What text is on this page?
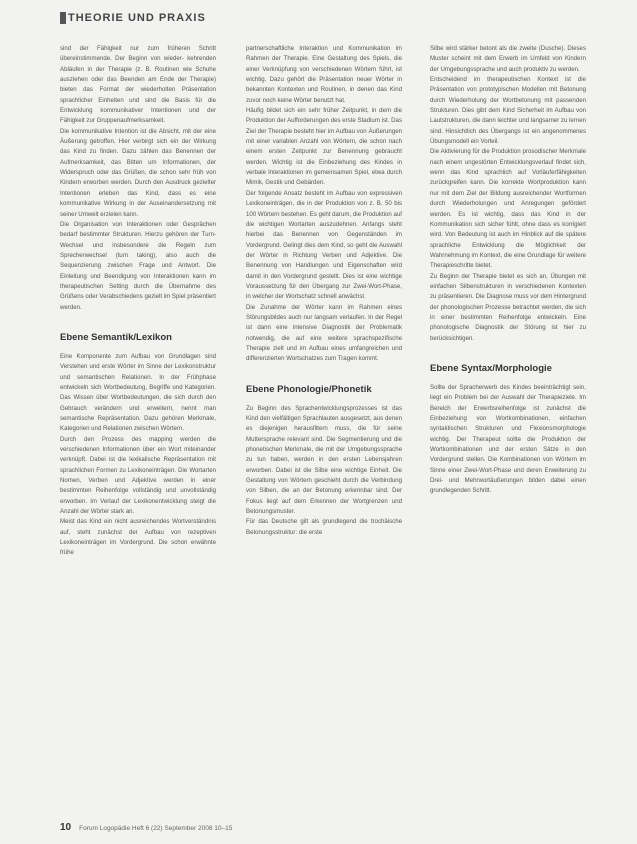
THEORIE UND PRAXIS

sind der Fähigkeit nur zum früheren Schritt übereinstimmende. Der Beginn von wieder- kehrenden Abläufen in der Therapie (z. B. Routinen wie Schuhe ausziehen oder das Beenden am Ende der Therapie) bieten das Format der wiederholten Präsentation sprachlicher Einheiten und sind die Basis für die Entwicklung kommunikativer Intentionen und der Fähigkeit zur Gruppenaufmerksamkeit.

Die kommunikative Intention ist die Absicht, mit der eine Äußerung getroffen. Hier verbirgt sich ein der Wirkung das Kind zu finden. Dazu zählen das Benennen der Aufmerksamkeit, das Bitten um Informationen, der Widerspruch oder das Grüßen, die schon sehr früh von Kindern erworben werden. Durch den Ausdruck gezielter Intentionen erleben das Kind, dass es eine kommunikative Wirkung in der Auseinandersetzung mit seiner Umwelt erzielen kann.

Die Organisation von Interaktionen oder Gesprächen bedarf bestimmter Strukturen. Hierzu gehören der Turn-Wechsel und insbesondere die Regeln zum Sprecherwechsel (turn taking), also auch die Sequenzierung zwischen Frage und Antwort. Die Einleitung und Beendigung von Interaktionen kann im therapeutischen Setting durch die Übernahme des Grüßens oder Verabschiedens gezielt im Spiel präsentiert werden.

Ebene Semantik/Lexikon

Eine Komponente zum Aufbau von Grundlagen sind Verstehen und erste Wörter im Sinne der Lexikonstruktur und semantischen Relationen. In der Frühphase entwickeln sich Wortbedeutung, Begriffe und Kategorien. Das Wissen über Wortbedeutungen, die sich durch den Gebrauch verändern und erweitern, nennt man semantische Repräsentation. Dazu gehören Merkmale, Kategorien und Relationen zwischen Wörtern.

Durch den Prozess des mapping werden die verschiedenen Informationen über ein Wort miteinander verknüpft. Dabei ist die lexikalische Repräsentation mit sprachlichen Formen zu Lexikoneinträgen. Die Wortarten Nomen, Verben und Adjektive werden in einer bestimmten Reihenfolge vollständig und unvollständig erworben. Im Verlauf der Lexikonentwicklung steigt die Anzahl der Wörter stark an.

Meist das Kind ein nicht ausreichendes Wortverständnis auf, steht zunächst der Aufbau von rezeptiven Lexikoneinträgen im Vordergrund. Die schon erwähnte frühe

partnerschaftliche Interaktion und Kommunikation im Rahmen der Therapie. Eine Gestaltung des Spiels, die einer Verknüpfung von verschiedenen Wörtern führt, ist wichtig. Dazu gehört die Präsentation neuer Wörter in bekannten Kontexten und Routinen, in denen das Kind zuvor noch keine Wörter benutzt hat.

Häufig bildet sich ein sehr früher Zeitpunkt, in dem die Produktion der Aufforderungen des erste Stadium ist. Das Ziel der Therapie besteht hier im Aufbau von Äußerungen mit einer variablen Anzahl von Wörtern, die schon nach einem ersten Zeitpunkt zur Benennung gebraucht werden. Wichtig ist die Einbeziehung des Kindes in verbale Interaktionen im gemeinsamen Spiel, etwa durch Mimik, Gestik und Gebärden.

Der folgende Ansatz besteht im Aufbau von expressiven Lexikoneinträgen, die in der Produktion von z. B. 50 bis 100 Wörtern bestehen. Es geht darum, die Produktion auf die wichtigen Wortarten auszudehnen. Anfangs steht hierbei das Benennen von Gegenständen im Vordergrund. Gelingt dies dem Kind, so geht die Auswahl der Wörter in Richtung Verben und Adjektive. Die Benennung von Handlungen und Eigenschaften wird damit in den Vordergrund gestellt. Dies ist eine wichtige Voraussetzung für den Übergang zur Zwei-Wort-Phase, in welcher der Wortschatz schnell anwächst.

Die Zunahme der Wörter kann im Rahmen eines Störungsbildes auch nur langsam verlaufen. In der Regel ist dann eine intensive Diagnostik der Problematik notwendig, die auf eine weitere sprachspezifische Therapie zielt und im Aufbau eines umfangreichen und differenzierten Wortschatzes zum Tragen kommt.

Ebene Phonologie/Phonetik

Zu Beginn des Sprachentwicklungsprozesses ist das Kind den vielfältigen Sprachlauten ausgesetzt, aus denen es diejenigen herausfiltern muss, die für seine Muttersprache relevant sind. Die Segmentierung und die phonetischen Merkmale, die mit der Umgebungssprache zu tun haben, werden in den ersten Lebensjahren erworben. Dabei ist die Silbe eine wichtige Einheit. Die Gestaltung von Wörtern geschieht durch die Verbindung von Silben, die an der Betonung erkennbar sind. Der Fokus liegt auf dem Erkennen der Wortgrenzen und Betonungsmuster.

Für das Deutsche gilt als grundlegend die trochäische Betonungsstruktur: die erste

Silbe wird stärker betont als die zweite (Dusche). Dieses Muster scheint mit dem Erwerb im Umfeld von Kindern der Umgebungssprache und auch produktiv zu werden.

Entscheidend im therapeutischen Kontext ist die Präsentation von prototypischen Modellen mit Betonung durch Wiederholung der Wortbetonung mit passenden Strukturen. Dies gibt dem Kind Sicherheit im Aufbau von Lautstrukturen, die dann leichter und langsamer zu lernen sind. Hinsichtlich des Übergangs ist ein angenommenes Übungsmodell ein Vorteil.

Die Aktivierung für die Produktion prosodischer Merkmale nach einem ungestörten Entwicklungsverlauf findet sich, wenn das Kind sprachlich auf Vorläuferfähigkeiten zurückgreifen kann. Die korrekte Wortproduktion kann nur mit dem Ziel der Bildung ausreichender Wortformen durch Wiederholungen und Anregungen gefördert werden. Es ist wichtig, dass das Kind in der Kommunikation sich sicher fühlt, ohne dass es korrigiert wird. Von Bedeutung ist auch im Hinblick auf die spätere sprachliche Entwicklung die Möglichkeit der Wahrnehmung im Kontext, die eine Grundlage für weitere Therapieschritte bietet.

Zu Beginn der Therapie bietet es sich an, Übungen mit einfachen Silbenstrukturen in verschiedenen Kontexten zu präsentieren. Die Diagnose muss vor dem Hintergrund der phonologischen Prozesse betrachtet werden, die sich in einer bestimmten Reihenfolge entwickeln. Eine phonologische Diagnostik der Störung ist hier zu berücksichtigen.

Ebene Syntax/Morphologie

Sollte der Spracherwerb des Kindes beeinträchtigt sein, liegt ein Problem bei der Auswahl der Therapieziele. Im Bereich der Erwerbsreihenfolge ist zunächst die Einbeziehung von Wortkombinationen, einfachen syntaktischen Strukturen und Flexionsmorphologie wichtig. Der Therapeut sollte die Produktion der Wortkombinationen und der ersten Sätze in den Vordergrund stellen. Die Kombinationen von Wörtern im Sinne einer Zwei-Wort-Phase und deren Erweiterung zu Drei- und Mehrwortäußerungen bilden dabei einen grundlegenden Schritt.

10 Forum Logopädie Heft 6 (22) September 2008 10–15
